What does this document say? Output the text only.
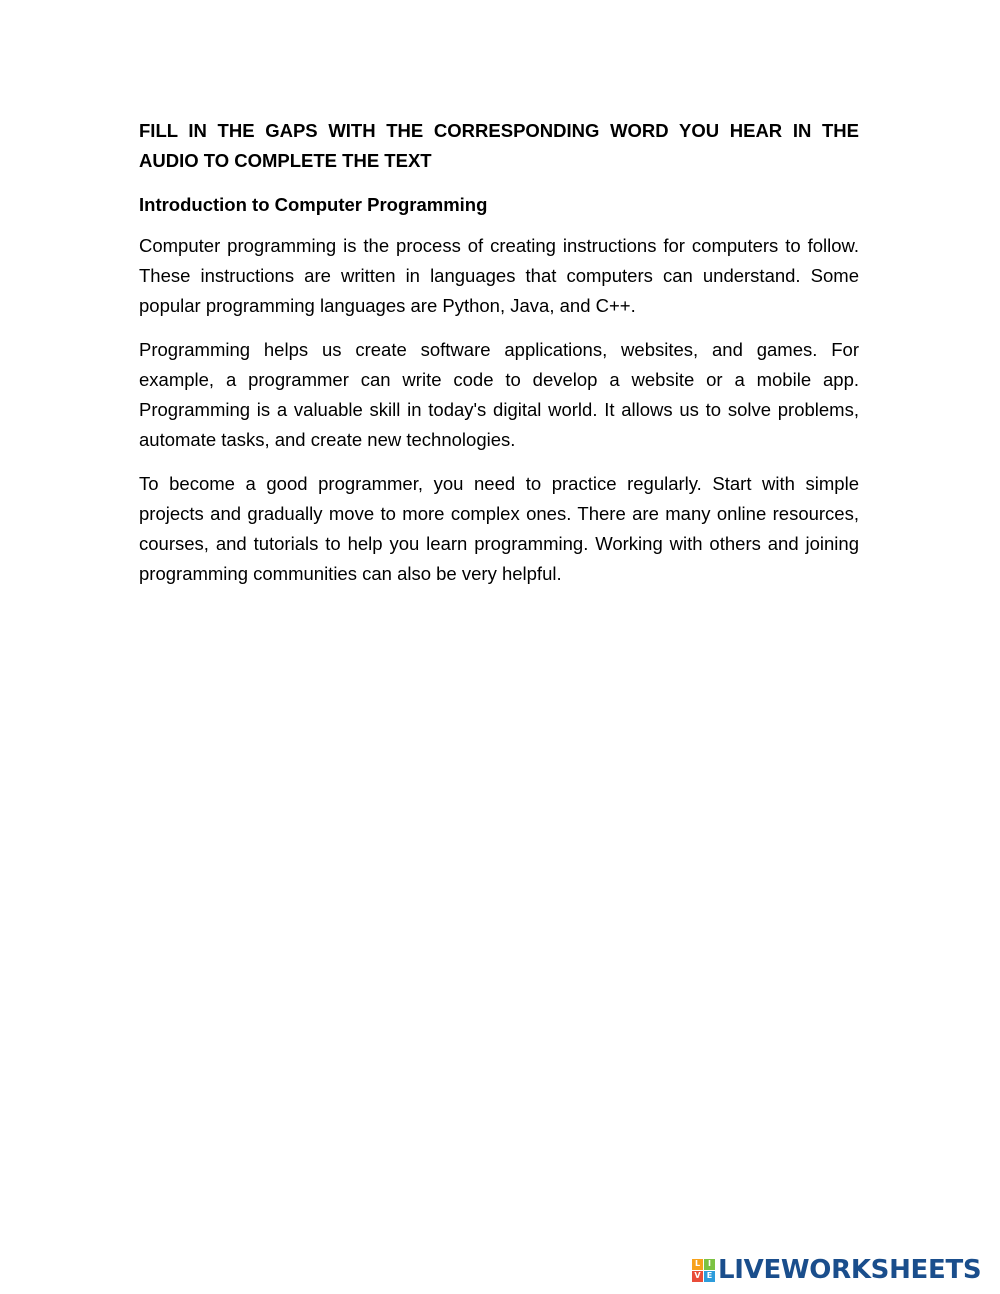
FILL IN THE GAPS WITH THE CORRESPONDING WORD YOU HEAR IN THE AUDIO TO COMPLETE THE TEXT

Introduction to Computer Programming

Computer programming is the process of creating instructions for computers to follow. These instructions are written in languages that computers can understand. Some popular programming languages are Python, Java, and C++.

Programming helps us create software applications, websites, and games. For example, a programmer can write code to develop a website or a mobile app. Programming is a valuable skill in today's digital world. It allows us to solve problems, automate tasks, and create new technologies.

To become a good programmer, you need to practice regularly. Start with simple projects and gradually move to more complex ones. There are many online resources, courses, and tutorials to help you learn programming. Working with others and joining programming communities can also be very helpful.

L I
V E LIVEWORKSHEETS
